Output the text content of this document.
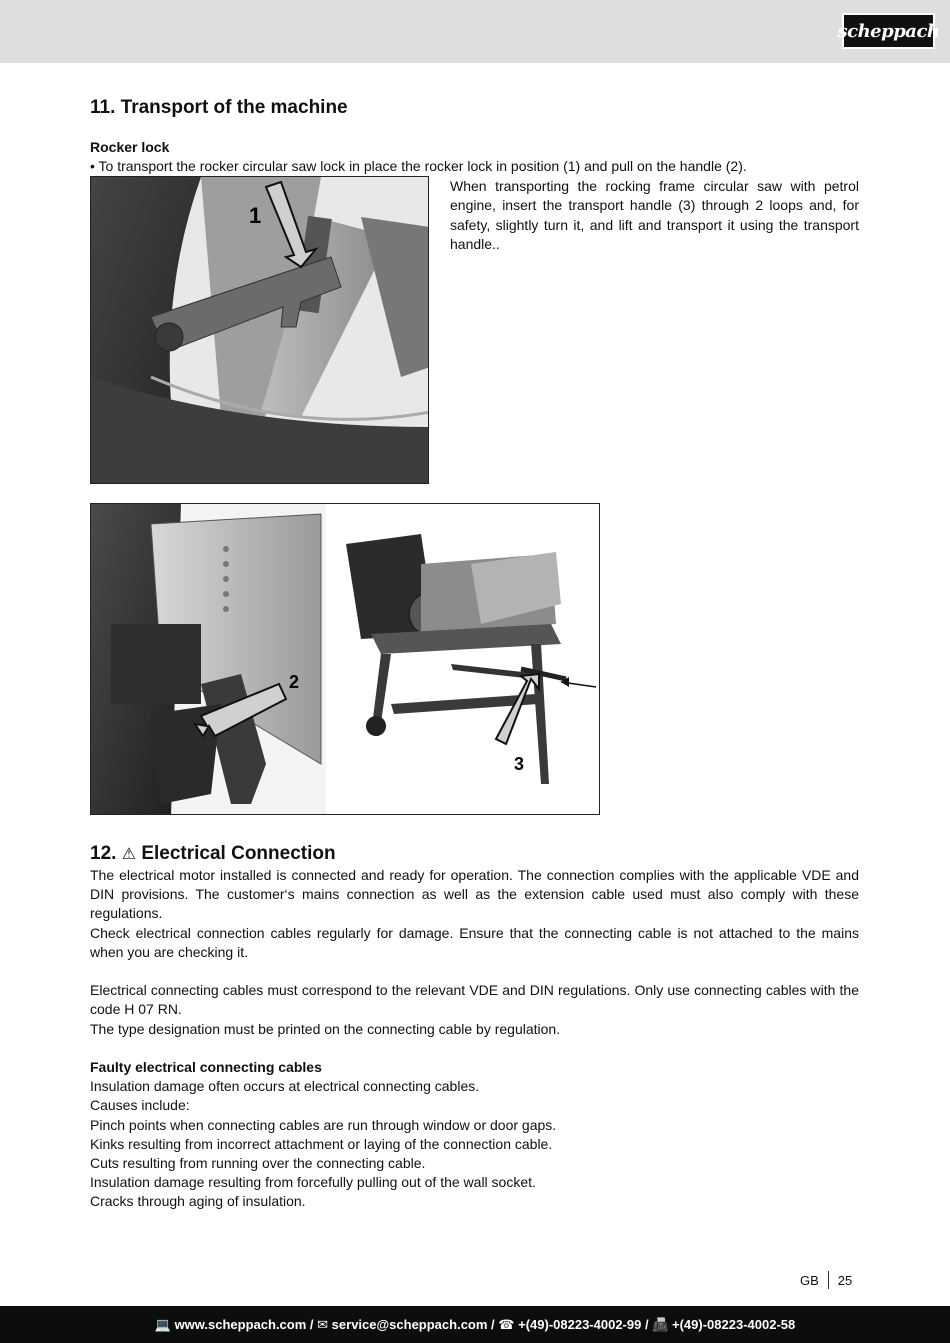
scheppach
11. Transport of the machine
Rocker lock
• To transport the rocker circular saw lock in place the rocker lock in position (1) and pull on the handle (2).
When transporting the rocking frame circular saw with petrol engine, insert the transport handle (3) through 2 loops and, for safety, slightly turn it, and lift and transport it using the transport handle..
1
2
3
12. ⚠ Electrical Connection

The electrical motor installed is connected and ready for operation. The connection complies with the applicable VDE and DIN provisions. The customer‘s mains connection as well as the extension cable used must also comply with these regulations.

Check electrical connection cables regularly for damage. Ensure that the connecting cable is not attached to the mains when you are checking it.

Electrical connecting cables must correspond to the relevant VDE and DIN regulations. Only use connecting cables with the code H 07 RN.

The type designation must be printed on the connecting cable by regulation.

Faulty electrical connecting cables

Insulation damage often occurs at electrical connecting cables.

Causes include:

Pinch points when connecting cables are run through window or door gaps.

Kinks resulting from incorrect attachment or laying of the connection cable.

Cuts resulting from running over the connecting cable.

Insulation damage resulting from forcefully pulling out of the wall socket.

Cracks through aging of insulation.

GB 25
💻
www.scheppach.com / ✉
service@scheppach.com / ☎
+(49)-08223-4002-99 / 📠
+(49)-08223-4002-58
